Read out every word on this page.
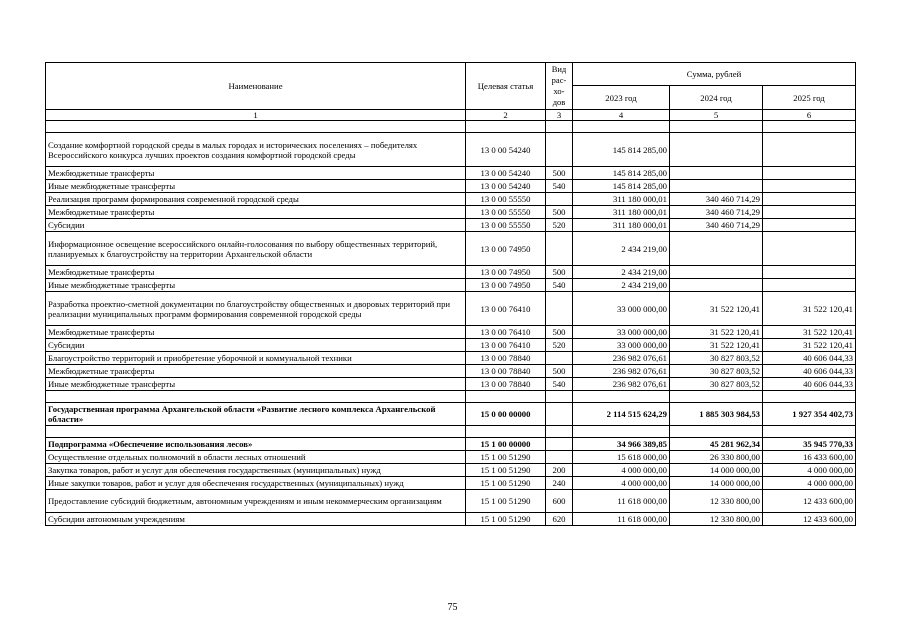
Наименование	Целевая статья	Вид
рас-
хо-
дов	Сумма, рублей		
			2023 год	2024 год	2025 год
1	2	3	4	5	6

Создание комфортной городской среды в малых городах и исторических поселениях – победителях Всероссийского конкурса лучших проектов создания комфортной городской среды	13 0 00 54240		145 814 285,00		
Межбюджетные трансферты	13 0 00 54240	500	145 814 285,00		
Иные межбюджетные трансферты	13 0 00 54240	540	145 814 285,00		
Реализация программ формирования современной городской среды	13 0 00 55550		311 180 000,01	340 460 714,29	
Межбюджетные трансферты	13 0 00 55550	500	311 180 000,01	340 460 714,29	
Субсидии	13 0 00 55550	520	311 180 000,01	340 460 714,29	
Информационное освещение всероссийского онлайн-голосования по выбору общественных территорий, планируемых к благоустройству на территории Архангельской области	13 0 00 74950		2 434 219,00		
Межбюджетные трансферты	13 0 00 74950	500	2 434 219,00		
Иные межбюджетные трансферты	13 0 00 74950	540	2 434 219,00		
Разработка проектно-сметной документации по благоустройству общественных и дворовых территорий при реализации муниципальных программ формирования современной городской среды	13 0 00 76410		33 000 000,00	31 522 120,41	31 522 120,41
Межбюджетные трансферты	13 0 00 76410	500	33 000 000,00	31 522 120,41	31 522 120,41
Субсидии	13 0 00 76410	520	33 000 000,00	31 522 120,41	31 522 120,41
Благоустройство территорий и приобретение уборочной и коммунальной техники	13 0 00 78840		236 982 076,61	30 827 803,52	40 606 044,33
Межбюджетные трансферты	13 0 00 78840	500	236 982 076,61	30 827 803,52	40 606 044,33
Иные межбюджетные трансферты	13 0 00 78840	540	236 982 076,61	30 827 803,52	40 606 044,33

Государственная программа Архангельской области «Развитие лесного комплекса Архангельской области»	15 0 00 00000		2 114 515 624,29	1 885 303 984,53	1 927 354 402,73

Подпрограмма «Обеспечение использования лесов»	15 1 00 00000		34 966 389,85	45 281 962,34	35 945 770,33
Осуществление отдельных полномочий в области лесных отношений	15 1 00 51290		15 618 000,00	26 330 800,00	16 433 600,00
Закупка товаров, работ и услуг для обеспечения государственных (муниципальных) нужд	15 1 00 51290	200	4 000 000,00	14 000 000,00	4 000 000,00
Иные закупки товаров, работ и услуг для обеспечения государственных (муниципальных) нужд	15 1 00 51290	240	4 000 000,00	14 000 000,00	4 000 000,00
Предоставление субсидий бюджетным, автономным учреждениям и иным некоммерческим организациям	15 1 00 51290	600	11 618 000,00	12 330 800,00	12 433 600,00
Субсидии автономным учреждениям	15 1 00 51290	620	11 618 000,00	12 330 800,00	12 433 600,00
75
